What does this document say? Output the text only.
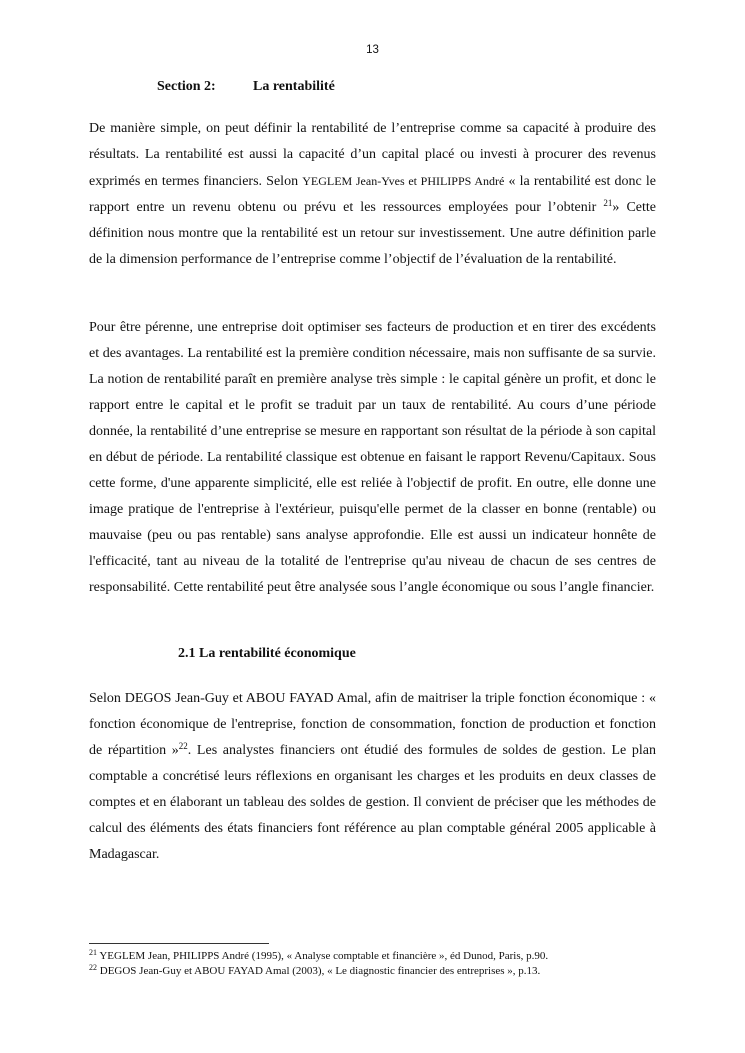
13
Section 2:	La rentabilité

De manière simple, on peut définir la rentabilité de l’entreprise comme sa capacité à produire des résultats. La rentabilité est aussi la capacité d’un capital placé ou investi à procurer des revenus exprimés en termes financiers. Selon YEGLEM Jean-Yves et PHILIPPS André « la rentabilité est donc le rapport entre un revenu obtenu ou prévu et les ressources employées pour l’obtenir $^{21}$» Cette définition nous montre que la rentabilité est un retour sur investissement. Une autre définition parle de la dimension performance de l’entreprise comme l’objectif de l’évaluation de la rentabilité.

Pour être pérenne, une entreprise doit optimiser ses facteurs de production et en tirer des excédents et des avantages. La rentabilité est la première condition nécessaire, mais non suffisante de sa survie. La notion de rentabilité paraît en première analyse très simple : le capital génère un profit, et donc le rapport entre le capital et le profit se traduit par un taux de rentabilité. Au cours d’une période donnée, la rentabilité d’une entreprise se mesure en rapportant son résultat de la période à son capital en début de période. La rentabilité classique est obtenue en faisant le rapport Revenu/Capitaux. Sous cette forme, d'une apparente simplicité, elle est reliée à l'objectif de profit. En outre, elle donne une image pratique de l'entreprise à l'extérieur, puisqu'elle permet de la classer en bonne (rentable) ou mauvaise (peu ou pas rentable) sans analyse approfondie. Elle est aussi un indicateur honnête de l'efficacité, tant au niveau de la totalité de l'entreprise qu'au niveau de chacun de ses centres de responsabilité. Cette rentabilité peut être analysée sous l’angle économique ou sous l’angle financier.

2.1 La rentabilité économique

Selon DEGOS Jean-Guy et ABOU FAYAD Amal, afin de maitriser la triple fonction économique : « fonction économique de l'entreprise, fonction de consommation, fonction de production et fonction de répartition »$^{22}$. Les analystes financiers ont étudié des formules de soldes de gestion. Le plan comptable a concrétisé leurs réflexions en organisant les charges et les produits en deux classes de comptes et en élaborant un tableau des soldes de gestion. Il convient de préciser que les méthodes de calcul des éléments des états financiers font référence au plan comptable général 2005 applicable à Madagascar.

$^{21}$ YEGLEM Jean, PHILIPPS André (1995), « Analyse comptable et financière », éd Dunod, Paris, p.90.
$^{22}$ DEGOS Jean-Guy et ABOU FAYAD Amal (2003), « Le diagnostic financier des entreprises », p.13.
